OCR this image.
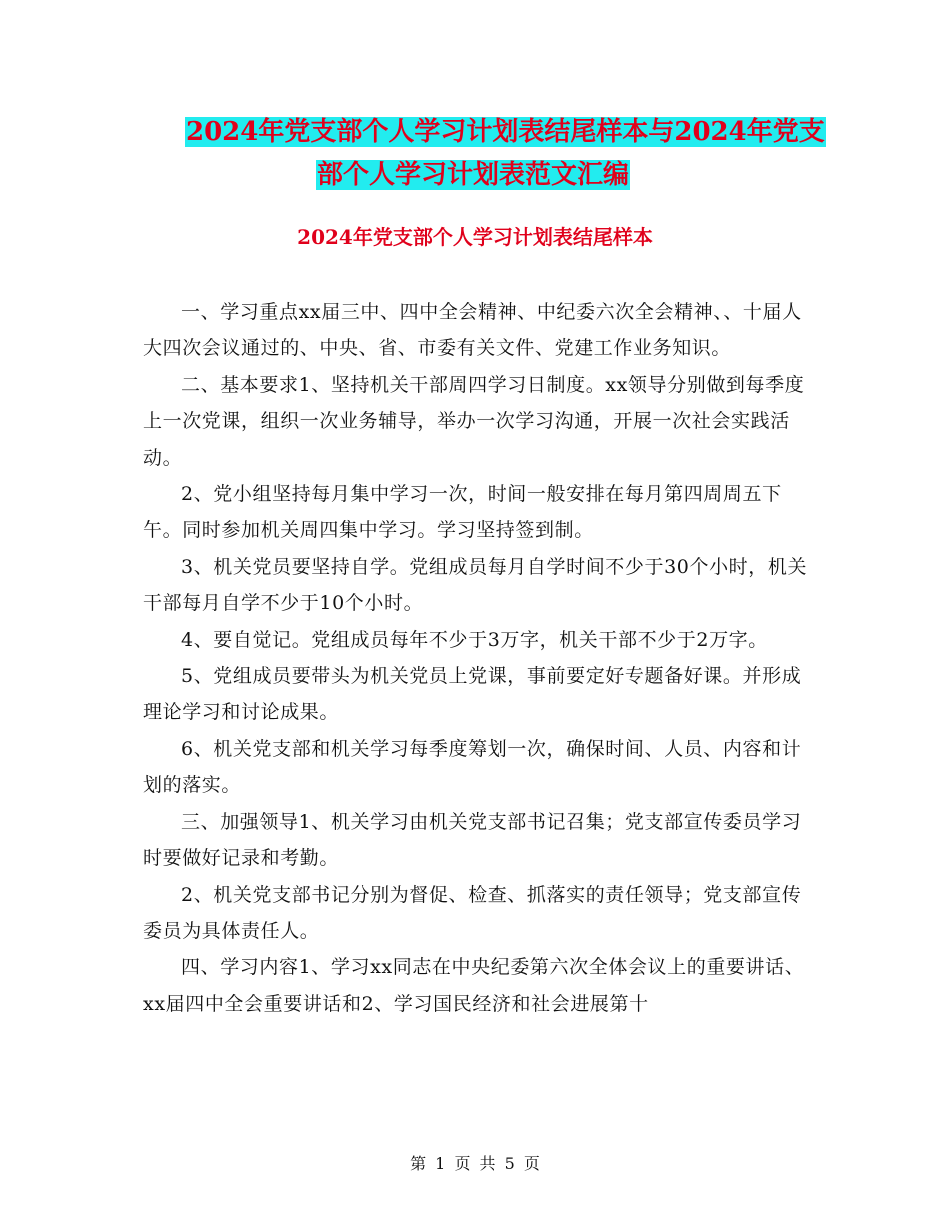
2024年党支部个人学习计划表结尾样本与2024年党支
部个人学习计划表范文汇编
2024年党支部个人学习计划表结尾样本

一、学习重点xx届三中、四中全会精神、中纪委六次全会精神、、十届人大四次会议通过的、中央、省、市委有关文件、党建工作业务知识。

二、基本要求1、坚持机关干部周四学习日制度。xx领导分别做到每季度上一次党课，组织一次业务辅导，举办一次学习沟通，开展一次社会实践活动。

2、党小组坚持每月集中学习一次，时间一般安排在每月第四周周五下午。同时参加机关周四集中学习。学习坚持签到制。

3、机关党员要坚持自学。党组成员每月自学时间不少于30个小时，机关干部每月自学不少于10个小时。

4、要自觉记。党组成员每年不少于3万字，机关干部不少于2万字。

5、党组成员要带头为机关党员上党课，事前要定好专题备好课。并形成理论学习和讨论成果。

6、机关党支部和机关学习每季度筹划一次，确保时间、人员、内容和计划的落实。

三、加强领导1、机关学习由机关党支部书记召集；党支部宣传委员学习时要做好记录和考勤。

2、机关党支部书记分别为督促、检查、抓落实的责任领导；党支部宣传委员为具体责任人。

四、学习内容1、学习xx同志在中央纪委第六次全体会议上的重要讲话、xx届四中全会重要讲话和2、学习国民经济和社会进展第十

第 1 页 共 5 页
